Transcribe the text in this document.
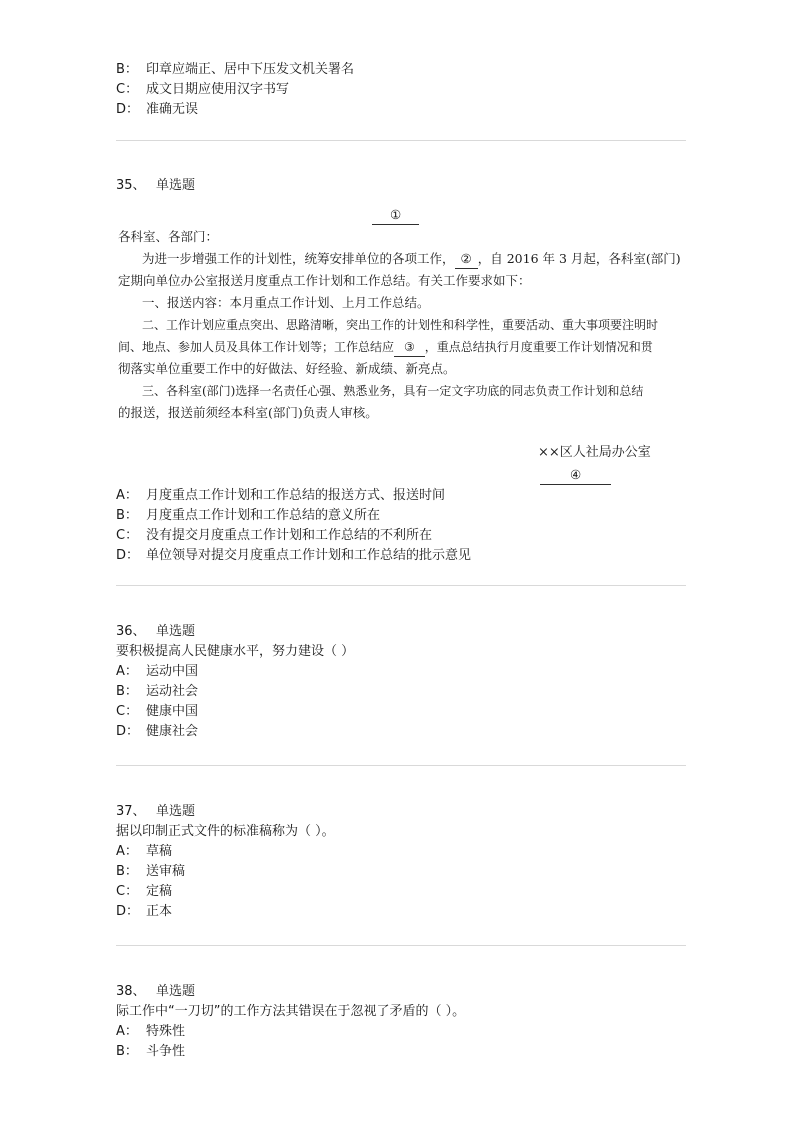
B： 印章应端正、居中下压发文机关署名
C： 成文日期应使用汉字书写
D： 准确无误
35、 单选题
①
各科室、各部门：
为进一步增强工作的计划性，统筹安排单位的各项工作， ② ，自 2016 年 3 月起，各科室(部门)
定期向单位办公室报送月度重点工作计划和工作总结。有关工作要求如下：
一、报送内容：本月重点工作计划、上月工作总结。
二、工作计划应重点突出、思路清晰，突出工作的计划性和科学性，重要活动、重大事项要注明时
间、地点、参加人员及具体工作计划等；工作总结应 ③ ，重点总结执行月度重要工作计划情况和贯
彻落实单位重要工作中的好做法、好经验、新成绩、新亮点。
三、各科室(部门)选择一名责任心强、熟悉业务，具有一定文字功底的同志负责工作计划和总结
的报送，报送前须经本科室(部门)负责人审核。
××区人社局办公室
④
A： 月度重点工作计划和工作总结的报送方式、报送时间
B： 月度重点工作计划和工作总结的意义所在
C： 没有提交月度重点工作计划和工作总结的不利所在
D： 单位领导对提交月度重点工作计划和工作总结的批示意见
36、 单选题
要积极提高人民健康水平，努力建设（ ）
A： 运动中国
B： 运动社会
C： 健康中国
D： 健康社会
37、 单选题
据以印制正式文件的标准稿称为（ ）。
A： 草稿
B： 送审稿
C： 定稿
D： 正本
38、 单选题
际工作中“一刀切”的工作方法其错误在于忽视了矛盾的（ ）。
A： 特殊性
B： 斗争性
